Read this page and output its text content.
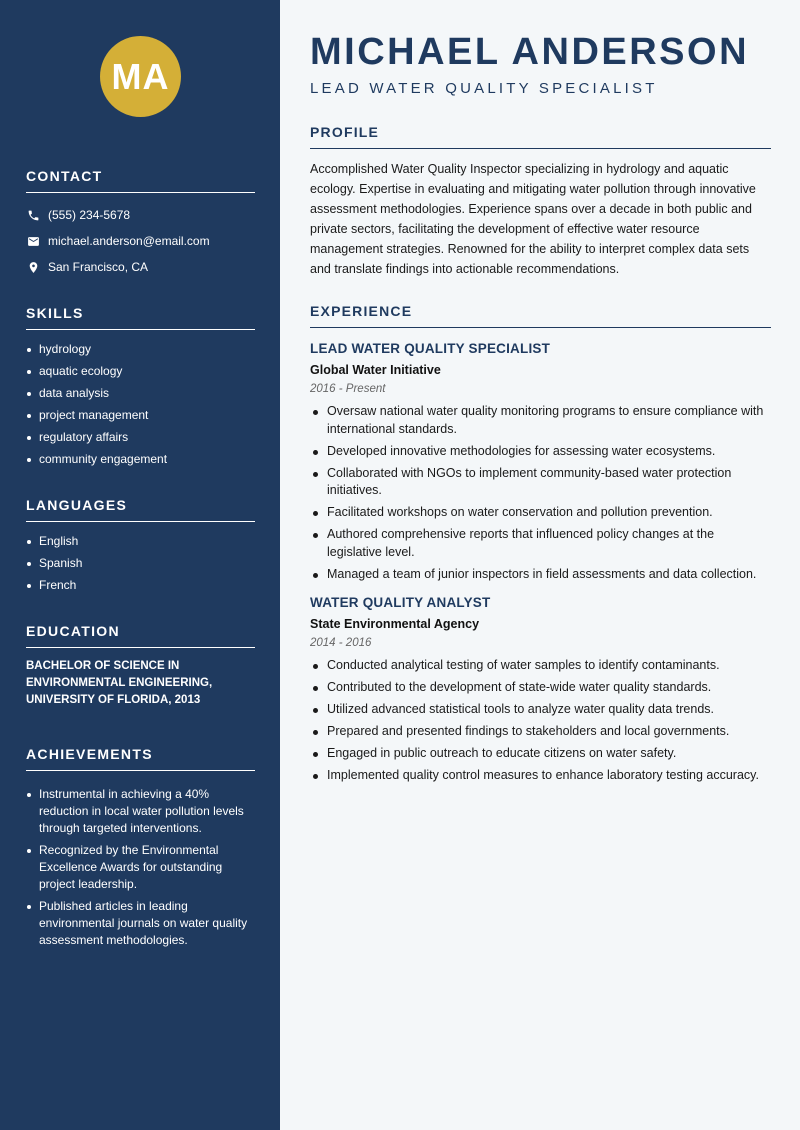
MA
CONTACT
(555) 234-5678
michael.anderson@email.com
San Francisco, CA
SKILLS
hydrology
aquatic ecology
data analysis
project management
regulatory affairs
community engagement
LANGUAGES
English
Spanish
French
EDUCATION
BACHELOR OF SCIENCE IN ENVIRONMENTAL ENGINEERING, UNIVERSITY OF FLORIDA, 2013
ACHIEVEMENTS
Instrumental in achieving a 40% reduction in local water pollution levels through targeted interventions.
Recognized by the Environmental Excellence Awards for outstanding project leadership.
Published articles in leading environmental journals on water quality assessment methodologies.
MICHAEL ANDERSON
LEAD WATER QUALITY SPECIALIST
PROFILE

Accomplished Water Quality Inspector specializing in hydrology and aquatic ecology. Expertise in evaluating and mitigating water pollution through innovative assessment methodologies. Experience spans over a decade in both public and private sectors, facilitating the development of effective water resource management strategies. Renowned for the ability to interpret complex data sets and translate findings into actionable recommendations.

EXPERIENCE
LEAD WATER QUALITY SPECIALIST
Global Water Initiative
2016 - Present
Oversaw national water quality monitoring programs to ensure compliance with international standards.
Developed innovative methodologies for assessing water ecosystems.
Collaborated with NGOs to implement community-based water protection initiatives.
Facilitated workshops on water conservation and pollution prevention.
Authored comprehensive reports that influenced policy changes at the legislative level.
Managed a team of junior inspectors in field assessments and data collection.
WATER QUALITY ANALYST
State Environmental Agency
2014 - 2016
Conducted analytical testing of water samples to identify contaminants.
Contributed to the development of state-wide water quality standards.
Utilized advanced statistical tools to analyze water quality data trends.
Prepared and presented findings to stakeholders and local governments.
Engaged in public outreach to educate citizens on water safety.
Implemented quality control measures to enhance laboratory testing accuracy.
